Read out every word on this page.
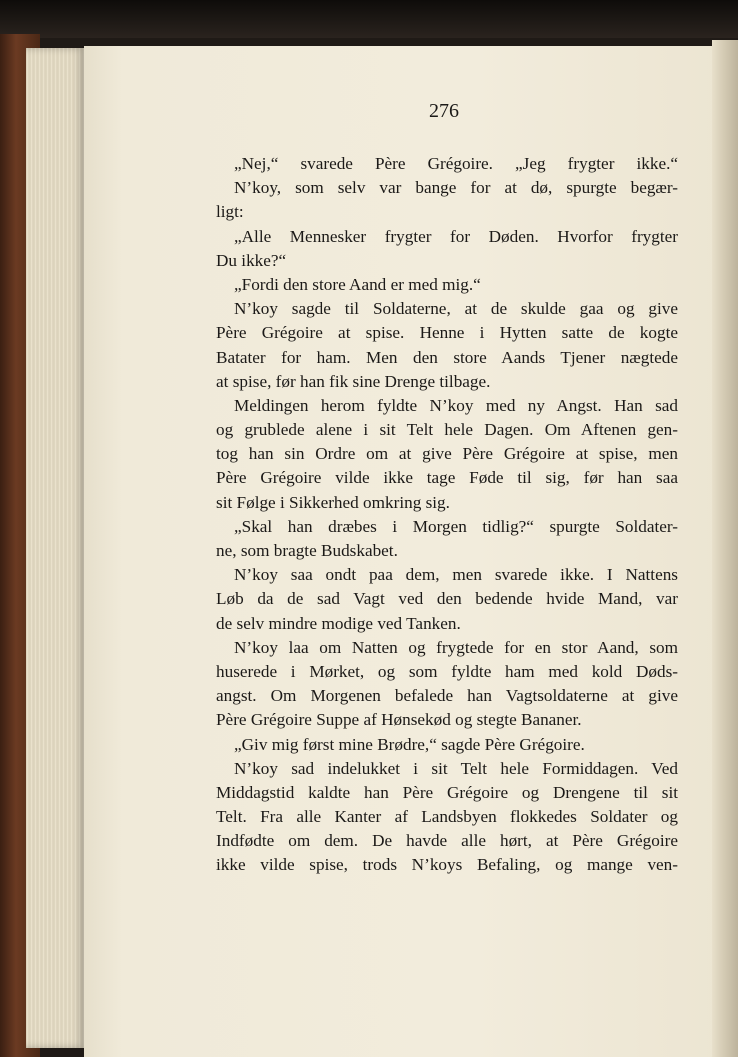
276
„Nej,“ svarede Père Grégoire. „Jeg frygter ikke.“
N’koy, som selv var bange for at dø, spurgte begær-
ligt:
„Alle Mennesker frygter for Døden. Hvorfor frygter
Du ikke?“
„Fordi den store Aand er med mig.“
N’koy sagde til Soldaterne, at de skulde gaa og give
Père Grégoire at spise. Henne i Hytten satte de kogte
Batater for ham. Men den store Aands Tjener nægtede
at spise, før han fik sine Drenge tilbage.
Meldingen herom fyldte N’koy med ny Angst. Han sad
og grublede alene i sit Telt hele Dagen. Om Aftenen gen-
tog han sin Ordre om at give Père Grégoire at spise, men
Père Grégoire vilde ikke tage Føde til sig, før han saa
sit Følge i Sikkerhed omkring sig.
„Skal han dræbes i Morgen tidlig?“ spurgte Soldater-
ne, som bragte Budskabet.
N’koy saa ondt paa dem, men svarede ikke. I Nattens
Løb da de sad Vagt ved den bedende hvide Mand, var
de selv mindre modige ved Tanken.
N’koy laa om Natten og frygtede for en stor Aand, som
huserede i Mørket, og som fyldte ham med kold Døds-
angst. Om Morgenen befalede han Vagtsoldaterne at give
Père Grégoire Suppe af Hønsekød og stegte Bananer.
„Giv mig først mine Brødre,“ sagde Père Grégoire.
N’koy sad indelukket i sit Telt hele Formiddagen. Ved
Middagstid kaldte han Père Grégoire og Drengene til sit
Telt. Fra alle Kanter af Landsbyen flokkedes Soldater og
Indfødte om dem. De havde alle hørt, at Père Grégoire
ikke vilde spise, trods N’koys Befaling, og mange ven-
